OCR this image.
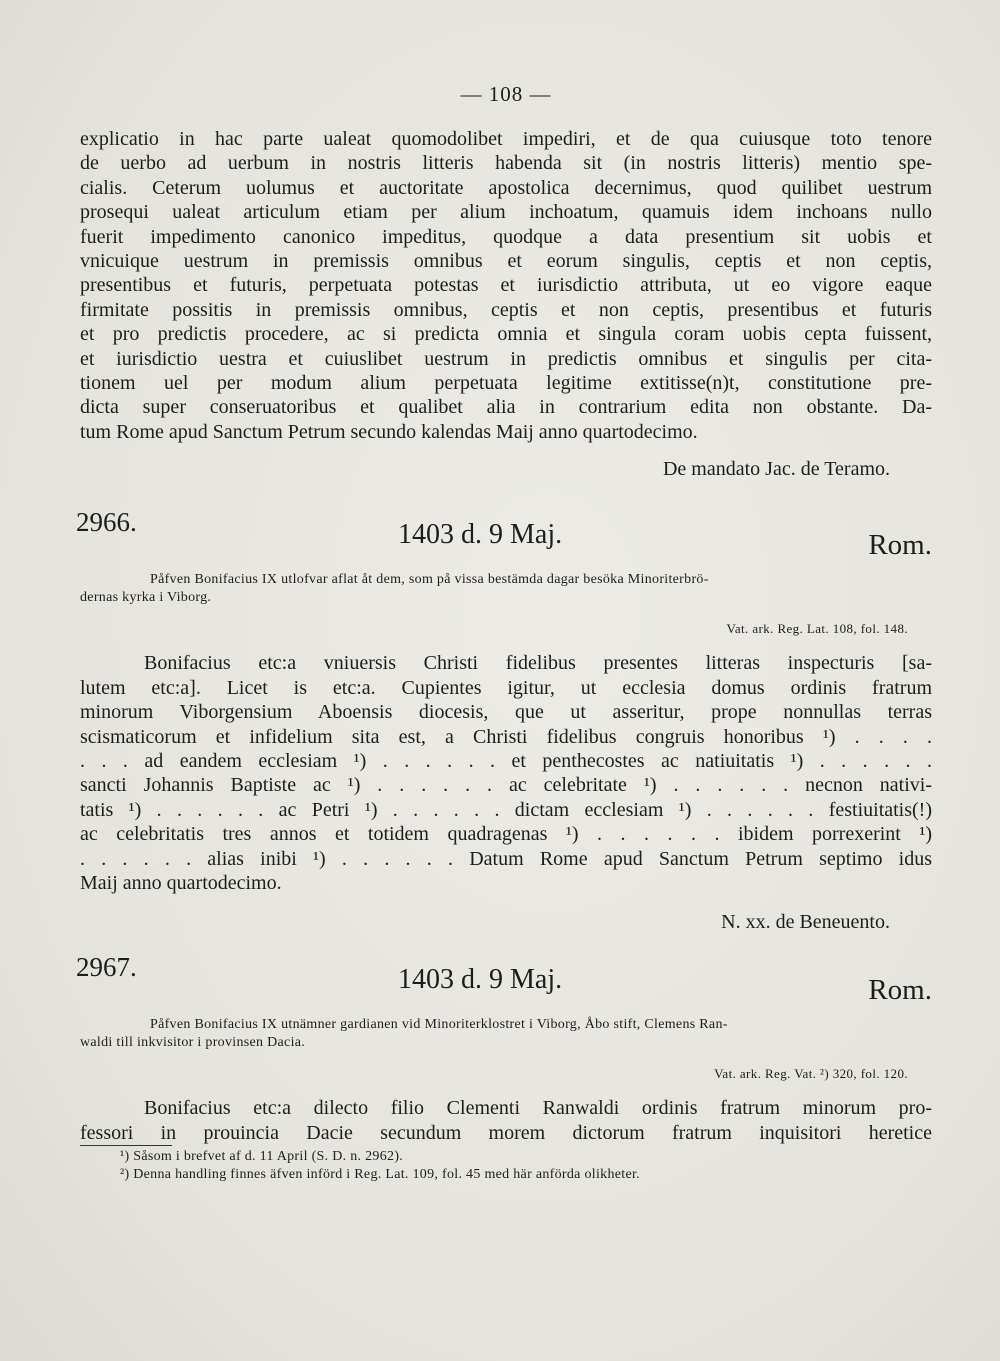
— 108 —
explicatio in hac parte ualeat quomodolibet impediri, et de qua cuiusque toto tenore
de uerbo ad uerbum in nostris litteris habenda sit (in nostris litteris) mentio spe-
cialis. Ceterum uolumus et auctoritate apostolica decernimus, quod quilibet uestrum
prosequi ualeat articulum etiam per alium inchoatum, quamuis idem inchoans nullo
fuerit impedimento canonico impeditus, quodque a data presentium sit uobis et
vnicuique uestrum in premissis omnibus et eorum singulis, ceptis et non ceptis,
presentibus et futuris, perpetuata potestas et iurisdictio attributa, ut eo vigore eaque
firmitate possitis in premissis omnibus, ceptis et non ceptis, presentibus et futuris
et pro predictis procedere, ac si predicta omnia et singula coram uobis cepta fuissent,
et iurisdictio uestra et cuiuslibet uestrum in predictis omnibus et singulis per cita-
tionem uel per modum alium perpetuata legitime extitisse(n)t, constitutione pre-
dicta super conseruatoribus et qualibet alia in contrarium edita non obstante. Da-
tum Rome apud Sanctum Petrum secundo kalendas Maij anno quartodecimo.
De mandato Jac. de Teramo.
2966.	1403 d. 9 Maj.	Rom.
Påfven Bonifacius IX utlofvar aflat åt dem, som på vissa bestämda dagar besöka Minoriterbrö-
dernas kyrka i Viborg.
Vat. ark. Reg. Lat. 108, fol. 148.
Bonifacius etc:a vniuersis Christi fidelibus presentes litteras inspecturis [sa-
lutem etc:a]. Licet is etc:a. Cupientes igitur, ut ecclesia domus ordinis fratrum
minorum Viborgensium Aboensis diocesis, que ut asseritur, prope nonnullas terras
scismaticorum et infidelium sita est, a Christi fidelibus congruis honoribus ¹) . . . .
. . . ad eandem ecclesiam ¹) . . . . . . et penthecostes ac natiuitatis ¹) . . . . . .
sancti Johannis Baptiste ac ¹) . . . . . . ac celebritate ¹) . . . . . . necnon nativi-
tatis ¹) . . . . . . ac Petri ¹) . . . . . . dictam ecclesiam ¹) . . . . . . festiuitatis(!)
ac celebritatis tres annos et totidem quadragenas ¹) . . . . . . ibidem porrexerint ¹)
. . . . . . alias inibi ¹) . . . . . . Datum Rome apud Sanctum Petrum septimo idus
Maij anno quartodecimo.
N. xx. de Beneuento.
2967.	1403 d. 9 Maj.	Rom.
Påfven Bonifacius IX utnämner gardianen vid Minoriterklostret i Viborg, Åbo stift, Clemens Ran-
waldi till inkvisitor i provinsen Dacia.
Vat. ark. Reg. Vat. ²) 320, fol. 120.
Bonifacius etc:a dilecto filio Clementi Ranwaldi ordinis fratrum minorum pro-
fessori in prouincia Dacie secundum morem dictorum fratrum inquisitori heretice
¹) Såsom i brefvet af d. 11 April (S. D. n. 2962).
²) Denna handling finnes äfven införd i Reg. Lat. 109, fol. 45 med här anförda olikheter.
